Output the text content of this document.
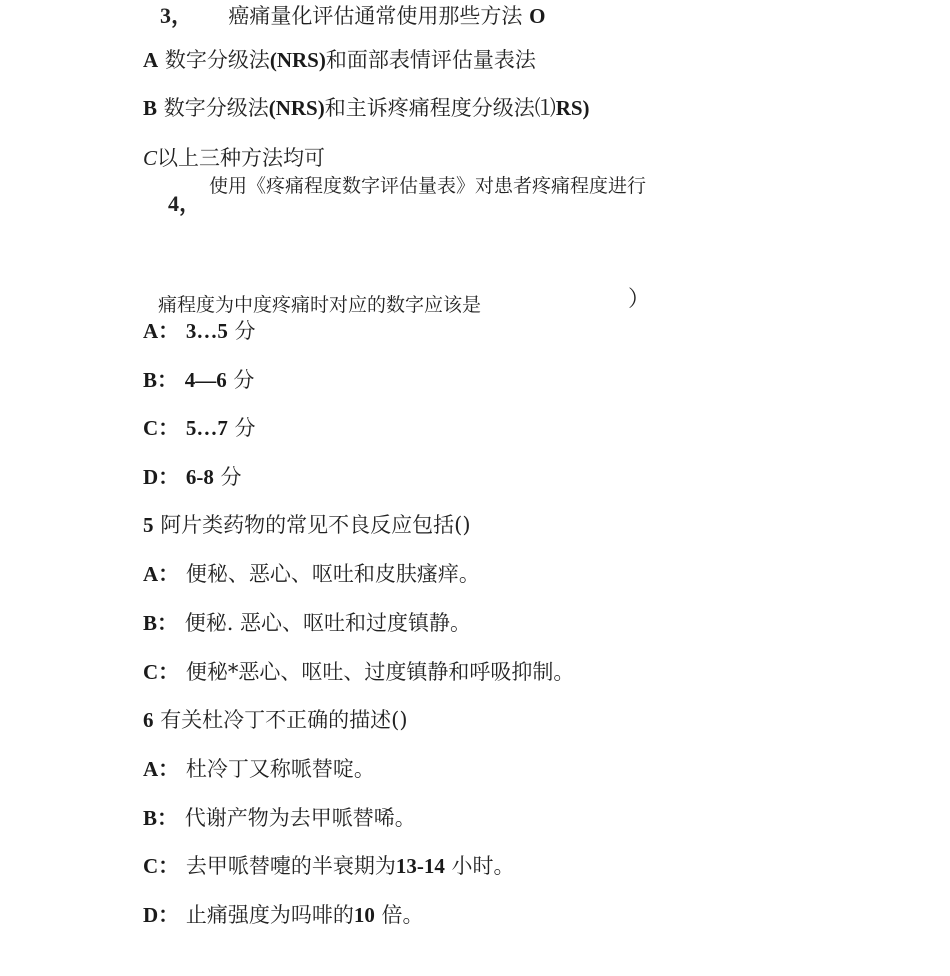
3， 癌痛量化评估通常使用那些方法 O
A 数字分级法(NRS)和面部表情评估量表法
B 数字分级法(NRS)和主诉疼痛程度分级法⑴RS)
C以上三种方法均可
使用《疼痛程度数字评估量表》对患者疼痛程度进行
4，
痛程度为中度疼痛时对应的数字应该是	）
A： 3…5 分
B： 4—6 分
C： 5…7 分
D： 6-8 分
5 阿片类药物的常见不良反应包括()
A： 便秘、恶心、呕吐和皮肤瘙痒。
B： 便秘. 恶心、呕吐和过度镇静。
C： 便秘*恶心、呕吐、过度镇静和呼吸抑制。
6 有关杜冷丁不正确的描述()
A： 杜冷丁又称哌替啶。
B： 代谢产物为去甲哌替唏。
C： 去甲哌替嚏的半衰期为13-14 小时。
D： 止痛强度为吗啡的10 倍。
